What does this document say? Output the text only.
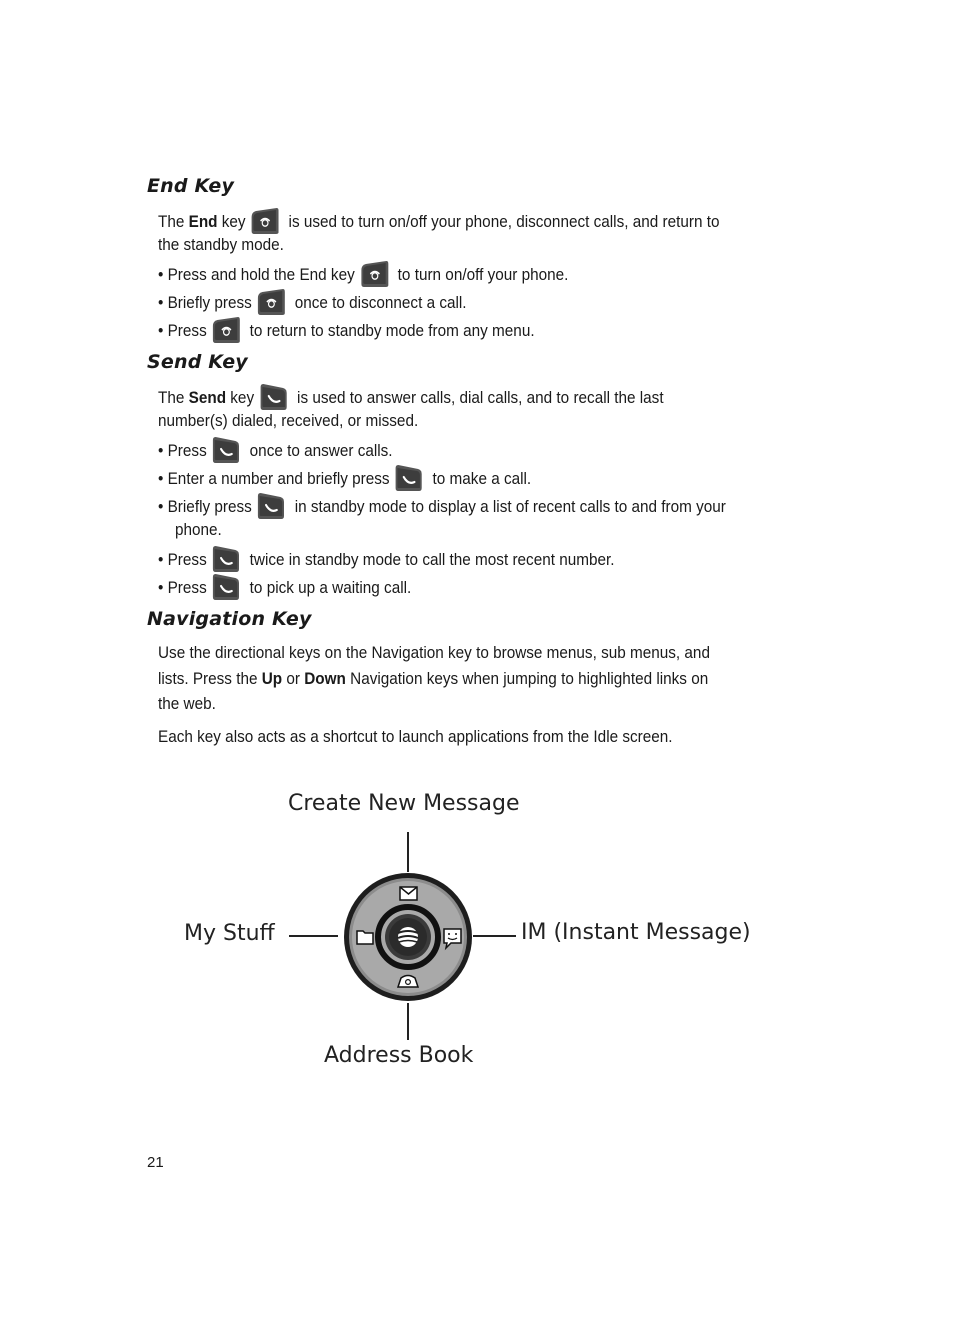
End Key
The End key
is used to turn on/off your phone, disconnect calls, and return to
the standby mode.
• Press and hold the End key
to turn on/off your phone.
• Briefly press
once to disconnect a call.
• Press
to return to standby mode from any menu.
Send Key
The Send key
is used to answer calls, dial calls, and to recall the last
number(s) dialed, received, or missed.
• Press
once to answer calls.
• Enter a number and briefly press
to make a call.
• Briefly press
in standby mode to display a list of recent calls to and from your
phone.
• Press
twice in standby mode to call the most recent number.
• Press
to pick up a waiting call.
Navigation Key
Use the directional keys on the Navigation key to browse menus, sub menus, and
lists. Press the Up or Down Navigation keys when jumping to highlighted links on
the web.
Each key also acts as a shortcut to launch applications from the Idle screen.
Create New Message
My Stuff	IM (Instant Message)
Address Book
21
